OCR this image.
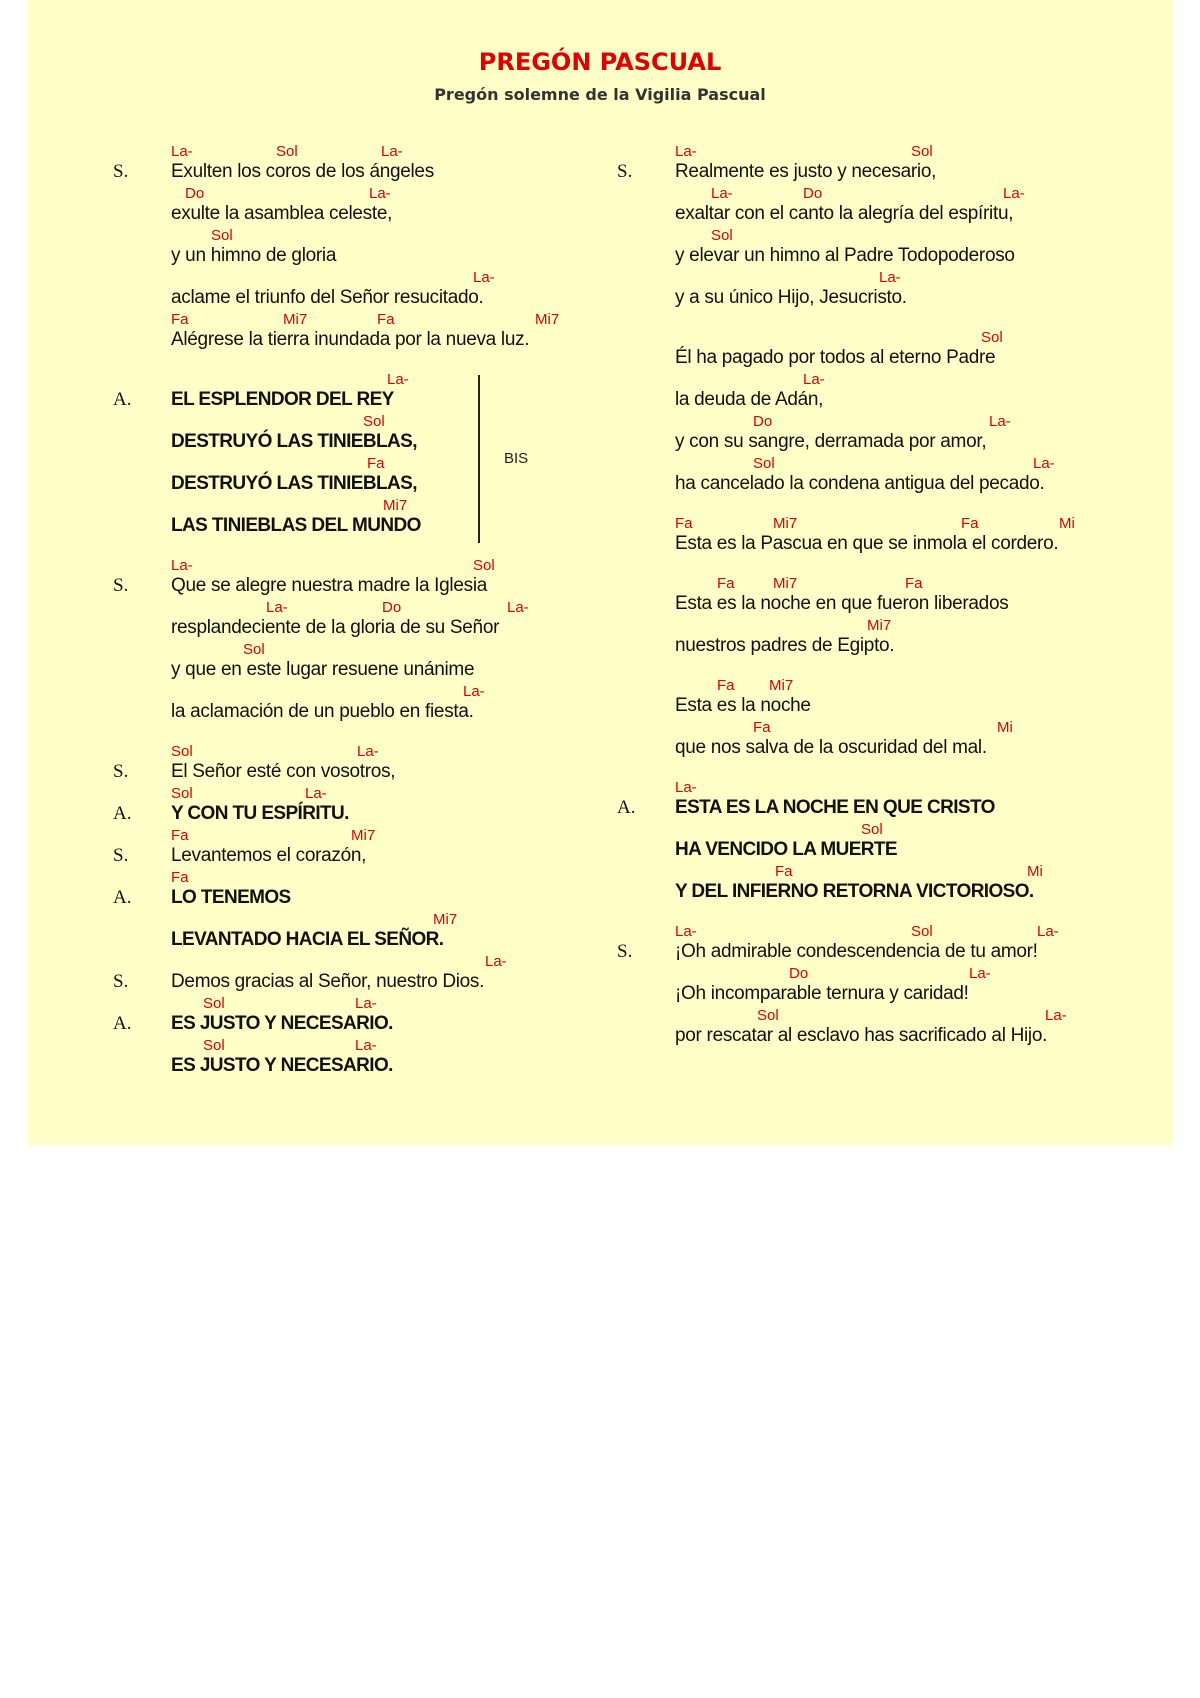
PREGÓN PASCUAL
Pregón solemne de la Vigilia Pascual
S.
La-	Sol	La-
Exulten los coros de los ángeles
Do	La-
exulte la asamblea celeste,
Sol
y un himno de gloria
La-
aclame el triunfo del Señor resucitado.
Fa	Mi7	Fa	Mi7
Alégrese la tierra inundada por la nueva luz.
A.
La-
EL ESPLENDOR DEL REY
Sol
DESTRUYÓ LAS TINIEBLAS,
Fa
DESTRUYÓ LAS TINIEBLAS,
Mi7
LAS TINIEBLAS DEL MUNDO
S.
La-	Sol
Que se alegre nuestra madre la Iglesia
La-	Do	La-
resplandeciente de la gloria de su Señor
Sol
y que en este lugar resuene unánime
La-
la aclamación de un pueblo en fiesta.
S.
Sol	La-
El Señor esté con vosotros,
A.
Sol	La-
Y CON TU ESPÍRITU.
S.
Fa	Mi7
Levantemos el corazón,
A.
Fa
LO TENEMOS
Mi7
LEVANTADO HACIA EL SEÑOR.
S.
La-
Demos gracias al Señor, nuestro Dios.
A.
Sol	La-
ES JUSTO Y NECESARIO.
Sol	La-
ES JUSTO Y NECESARIO.
S.
La-	Sol
Realmente es justo y necesario,
La-	Do	La-
exaltar con el canto la alegría del espíritu,
Sol
y elevar un himno al Padre Todopoderoso
La-
y a su único Hijo, Jesucristo.
Sol
Él ha pagado por todos al eterno Padre
La-
la deuda de Adán,
Do	La-
y con su sangre, derramada por amor,
Sol	La-
ha cancelado la condena antigua del pecado.
Fa	Mi7	Fa	Mi
Esta es la Pascua en que se inmola el cordero.
Fa	Mi7	Fa
Esta es la noche en que fueron liberados
Mi7
nuestros padres de Egipto.
Fa Mi7
Esta es la noche
Fa	Mi
que nos salva de la oscuridad del mal.
A.
La-
ESTA ES LA NOCHE EN QUE CRISTO
Sol
HA VENCIDO LA MUERTE
Fa	Mi
Y DEL INFIERNO RETORNA VICTORIOSO.
S.
La-	Sol	La-
¡Oh admirable condescendencia de tu amor!
Do	La-
¡Oh incomparable ternura y caridad!
Sol	La-
por rescatar al esclavo has sacrificado al Hijo.
BIS
